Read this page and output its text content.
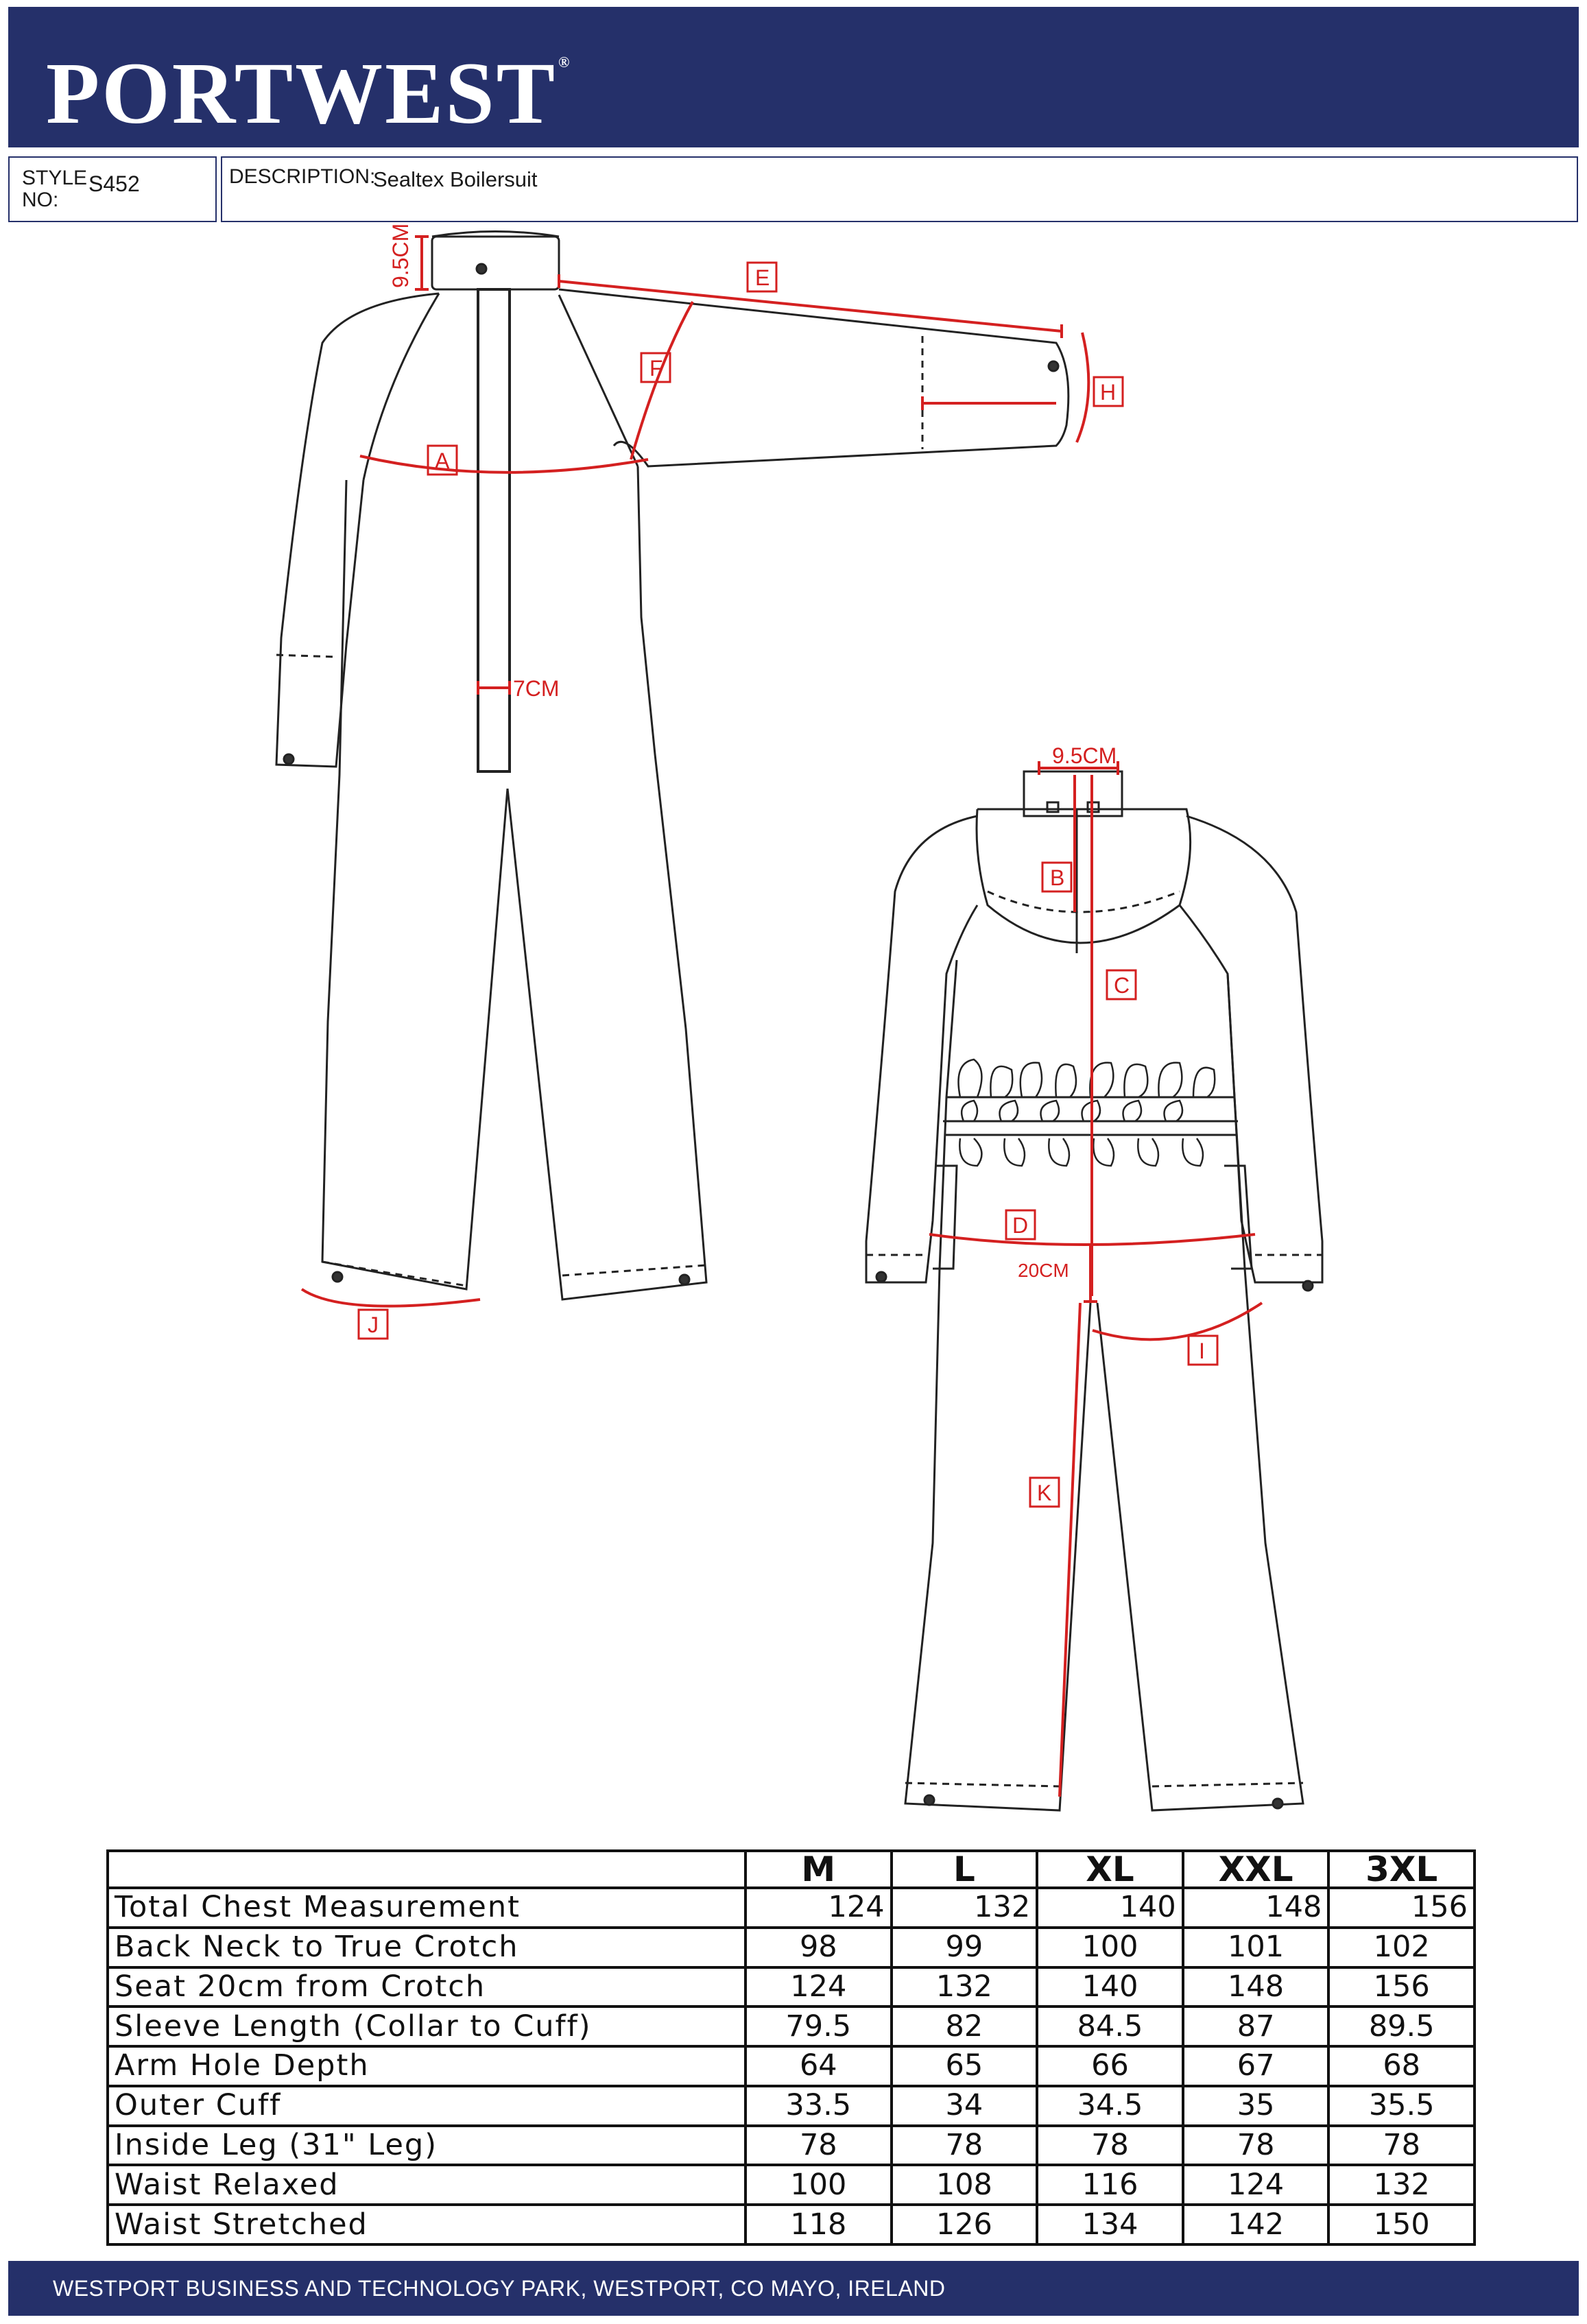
PORTWEST®
STYLE
NO:
S452	DESCRIPTION:
Sealtex Boilersuit
9.5CM
7CM
E
F
H
A
J
9.5CM
20CM
B
C
D
I
K
	M	L	XL	XXL	3XL
Total Chest Measurement	124	132	140	148	156
Back Neck to True Crotch	98	99	100	101	102
Seat 20cm from Crotch	124	132	140	148	156
Sleeve Length (Collar to Cuff)	79.5	82	84.5	87	89.5
Arm Hole Depth	64	65	66	67	68
Outer Cuff	33.5	34	34.5	35	35.5
Inside Leg (31" Leg)	78	78	78	78	78
Waist Relaxed	100	108	116	124	132
Waist Stretched	118	126	134	142	150
WESTPORT BUSINESS AND TECHNOLOGY PARK, WESTPORT, CO MAYO, IRELAND
